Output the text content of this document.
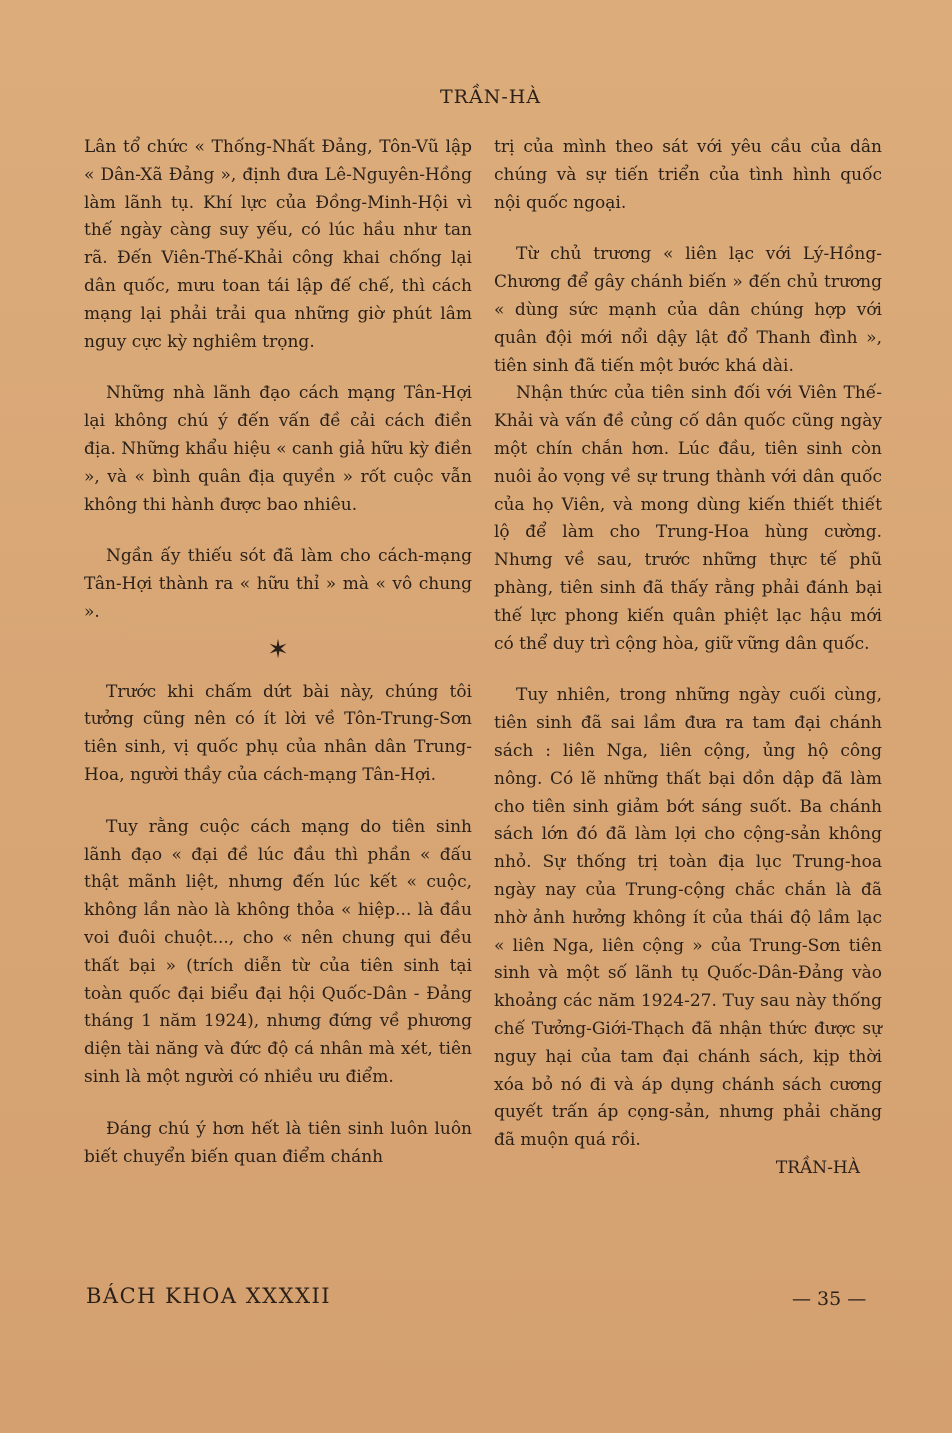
TRẦN-HÀ

Lân tổ chức « Thống-Nhất Đảng, Tôn-Vũ lập « Dân-Xã Đảng », định đưa Lê-Nguyên-Hồng làm lãnh tụ. Khí lực của Đồng-Minh-Hội vì thế ngày càng suy yếu, có lúc hầu như tan rã. Đến Viên-Thế-Khải công khai chống lại dân quốc, mưu toan tái lập đế chế, thì cách mạng lại phải trải qua những giờ phút lâm nguy cực kỳ nghiêm trọng.

Những nhà lãnh đạo cách mạng Tân-Hợi lại không chú ý đến vấn đề cải cách điền địa. Những khẩu hiệu « canh giả hữu kỳ điền », và « bình quân địa quyền » rốt cuộc vẫn không thi hành được bao nhiêu.

Ngần ấy thiếu sót đã làm cho cách-mạng Tân-Hợi thành ra « hữu thỉ » mà « vô chung ».

✶

Trước khi chấm dứt bài này, chúng tôi tưởng cũng nên có ít lời về Tôn-Trung-Sơn tiên sinh, vị quốc phụ của nhân dân Trung-Hoa, người thầy của cách-mạng Tân-Hợi.

Tuy rằng cuộc cách mạng do tiên sinh lãnh đạo « đại đề lúc đầu thì phần « đấu thật mãnh liệt, nhưng đến lúc kết « cuộc, không lần nào là không thỏa « hiệp... là đầu voi đuôi chuột..., cho « nên chung qui đều thất bại » (trích diễn từ của tiên sinh tại toàn quốc đại biểu đại hội Quốc-Dân - Đảng tháng 1 năm 1924), nhưng đứng về phương diện tài năng và đức độ cá nhân mà xét, tiên sinh là một người có nhiều ưu điểm.

Đáng chú ý hơn hết là tiên sinh luôn luôn biết chuyển biến quan điểm chánh

trị của mình theo sát với yêu cầu của dân chúng và sự tiến triển của tình hình quốc nội quốc ngoại.

Từ chủ trương « liên lạc với Lý-Hồng-Chương để gây chánh biến » đến chủ trương « dùng sức mạnh của dân chúng hợp với quân đội mới nổi dậy lật đổ Thanh đình », tiên sinh đã tiến một bước khá dài.

Nhận thức của tiên sinh đối với Viên Thế-Khải và vấn đề củng cố dân quốc cũng ngày một chín chắn hơn. Lúc đầu, tiên sinh còn nuôi ảo vọng về sự trung thành với dân quốc của họ Viên, và mong dùng kiến thiết thiết lộ để làm cho Trung-Hoa hùng cường. Nhưng về sau, trước những thực tế phũ phàng, tiên sinh đã thấy rằng phải đánh bại thế lực phong kiến quân phiệt lạc hậu mới có thể duy trì cộng hòa, giữ vững dân quốc.

Tuy nhiên, trong những ngày cuối cùng, tiên sinh đã sai lầm đưa ra tam đại chánh sách : liên Nga, liên cộng, ủng hộ công nông. Có lẽ những thất bại dồn dập đã làm cho tiên sinh giảm bớt sáng suốt. Ba chánh sách lớn đó đã làm lợi cho cộng-sản không nhỏ. Sự thống trị toàn địa lục Trung-hoa ngày nay của Trung-cộng chắc chắn là đã nhờ ảnh hưởng không ít của thái độ lầm lạc « liên Nga, liên cộng » của Trung-Sơn tiên sinh và một số lãnh tụ Quốc-Dân-Đảng vào khoảng các năm 1924-27. Tuy sau này thống chế Tưởng-Giới-Thạch đã nhận thức được sự nguy hại của tam đại chánh sách, kịp thời xóa bỏ nó đi và áp dụng chánh sách cương quyết trấn áp cọng-sản, nhưng phải chăng đã muộn quá rồi.

TRẦN-HÀ

BÁCH KHOA XXXXII	— 35 —
